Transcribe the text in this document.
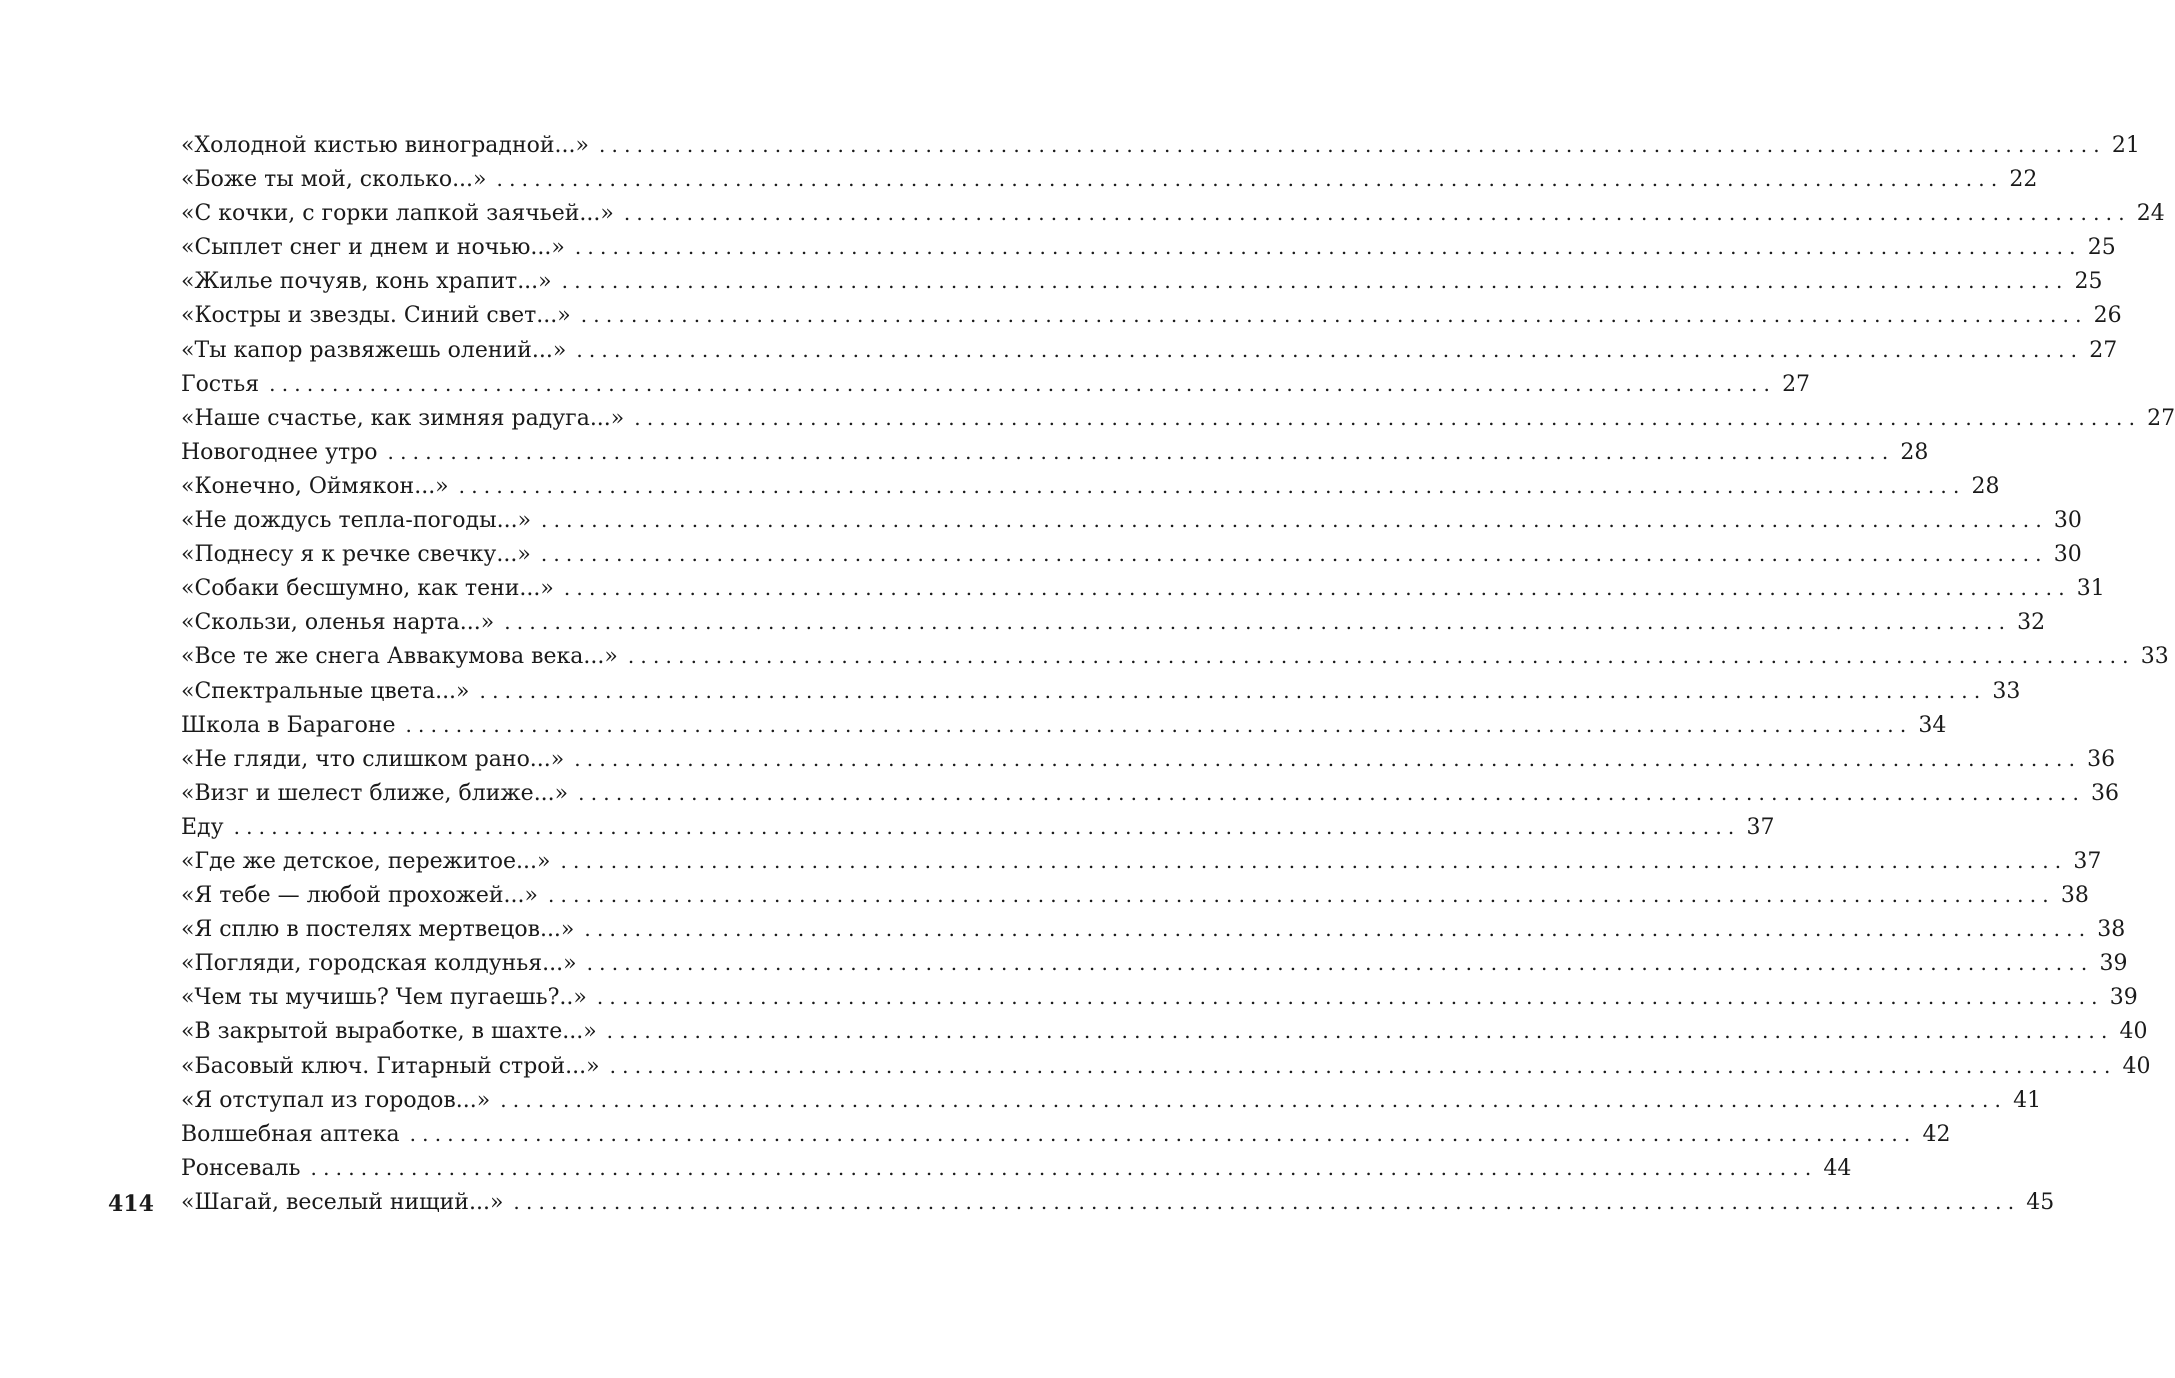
«Холодной кистью виноградной...» ........................................................................................................................ 21
«Боже ты мой, сколько...» ........................................................................................................................ 22
«С кочки, с горки лапкой заячьей...» ........................................................................................................................ 24
«Сыплет снег и днем и ночью...» ........................................................................................................................ 25
«Жилье почуяв, конь храпит...» ........................................................................................................................ 25
«Костры и звезды. Синий свет...» ........................................................................................................................ 26
«Ты капор развяжешь олений...» ........................................................................................................................ 27
Гостья ........................................................................................................................ 27
«Наше счастье, как зимняя радуга...» ........................................................................................................................ 27
Новогоднее утро ........................................................................................................................ 28
«Конечно, Оймякон...» ........................................................................................................................ 28
«Не дождусь тепла-погоды...» ........................................................................................................................ 30
«Поднесу я к речке свечку...» ........................................................................................................................ 30
«Собаки бесшумно, как тени...» ........................................................................................................................ 31
«Скользи, оленья нарта...» ........................................................................................................................ 32
«Все те же снега Аввакумова века...» ........................................................................................................................ 33
«Спектральные цвета...» ........................................................................................................................ 33
Школа в Барагоне ........................................................................................................................ 34
«Не гляди, что слишком рано...» ........................................................................................................................ 36
«Визг и шелест ближе, ближе...» ........................................................................................................................ 36
Еду ........................................................................................................................ 37
«Где же детское, пережитое...» ........................................................................................................................ 37
«Я тебе — любой прохожей...» ........................................................................................................................ 38
«Я сплю в постелях мертвецов...» ........................................................................................................................ 38
«Погляди, городская колдунья...» ........................................................................................................................ 39
«Чем ты мучишь? Чем пугаешь?..» ........................................................................................................................ 39
«В закрытой выработке, в шахте...» ........................................................................................................................ 40
«Басовый ключ. Гитарный строй...» ........................................................................................................................ 40
«Я отступал из городов...» ........................................................................................................................ 41
Волшебная аптека ........................................................................................................................ 42
Ронсеваль ........................................................................................................................ 44
«Шагай, веселый нищий...» ........................................................................................................................ 45
414
